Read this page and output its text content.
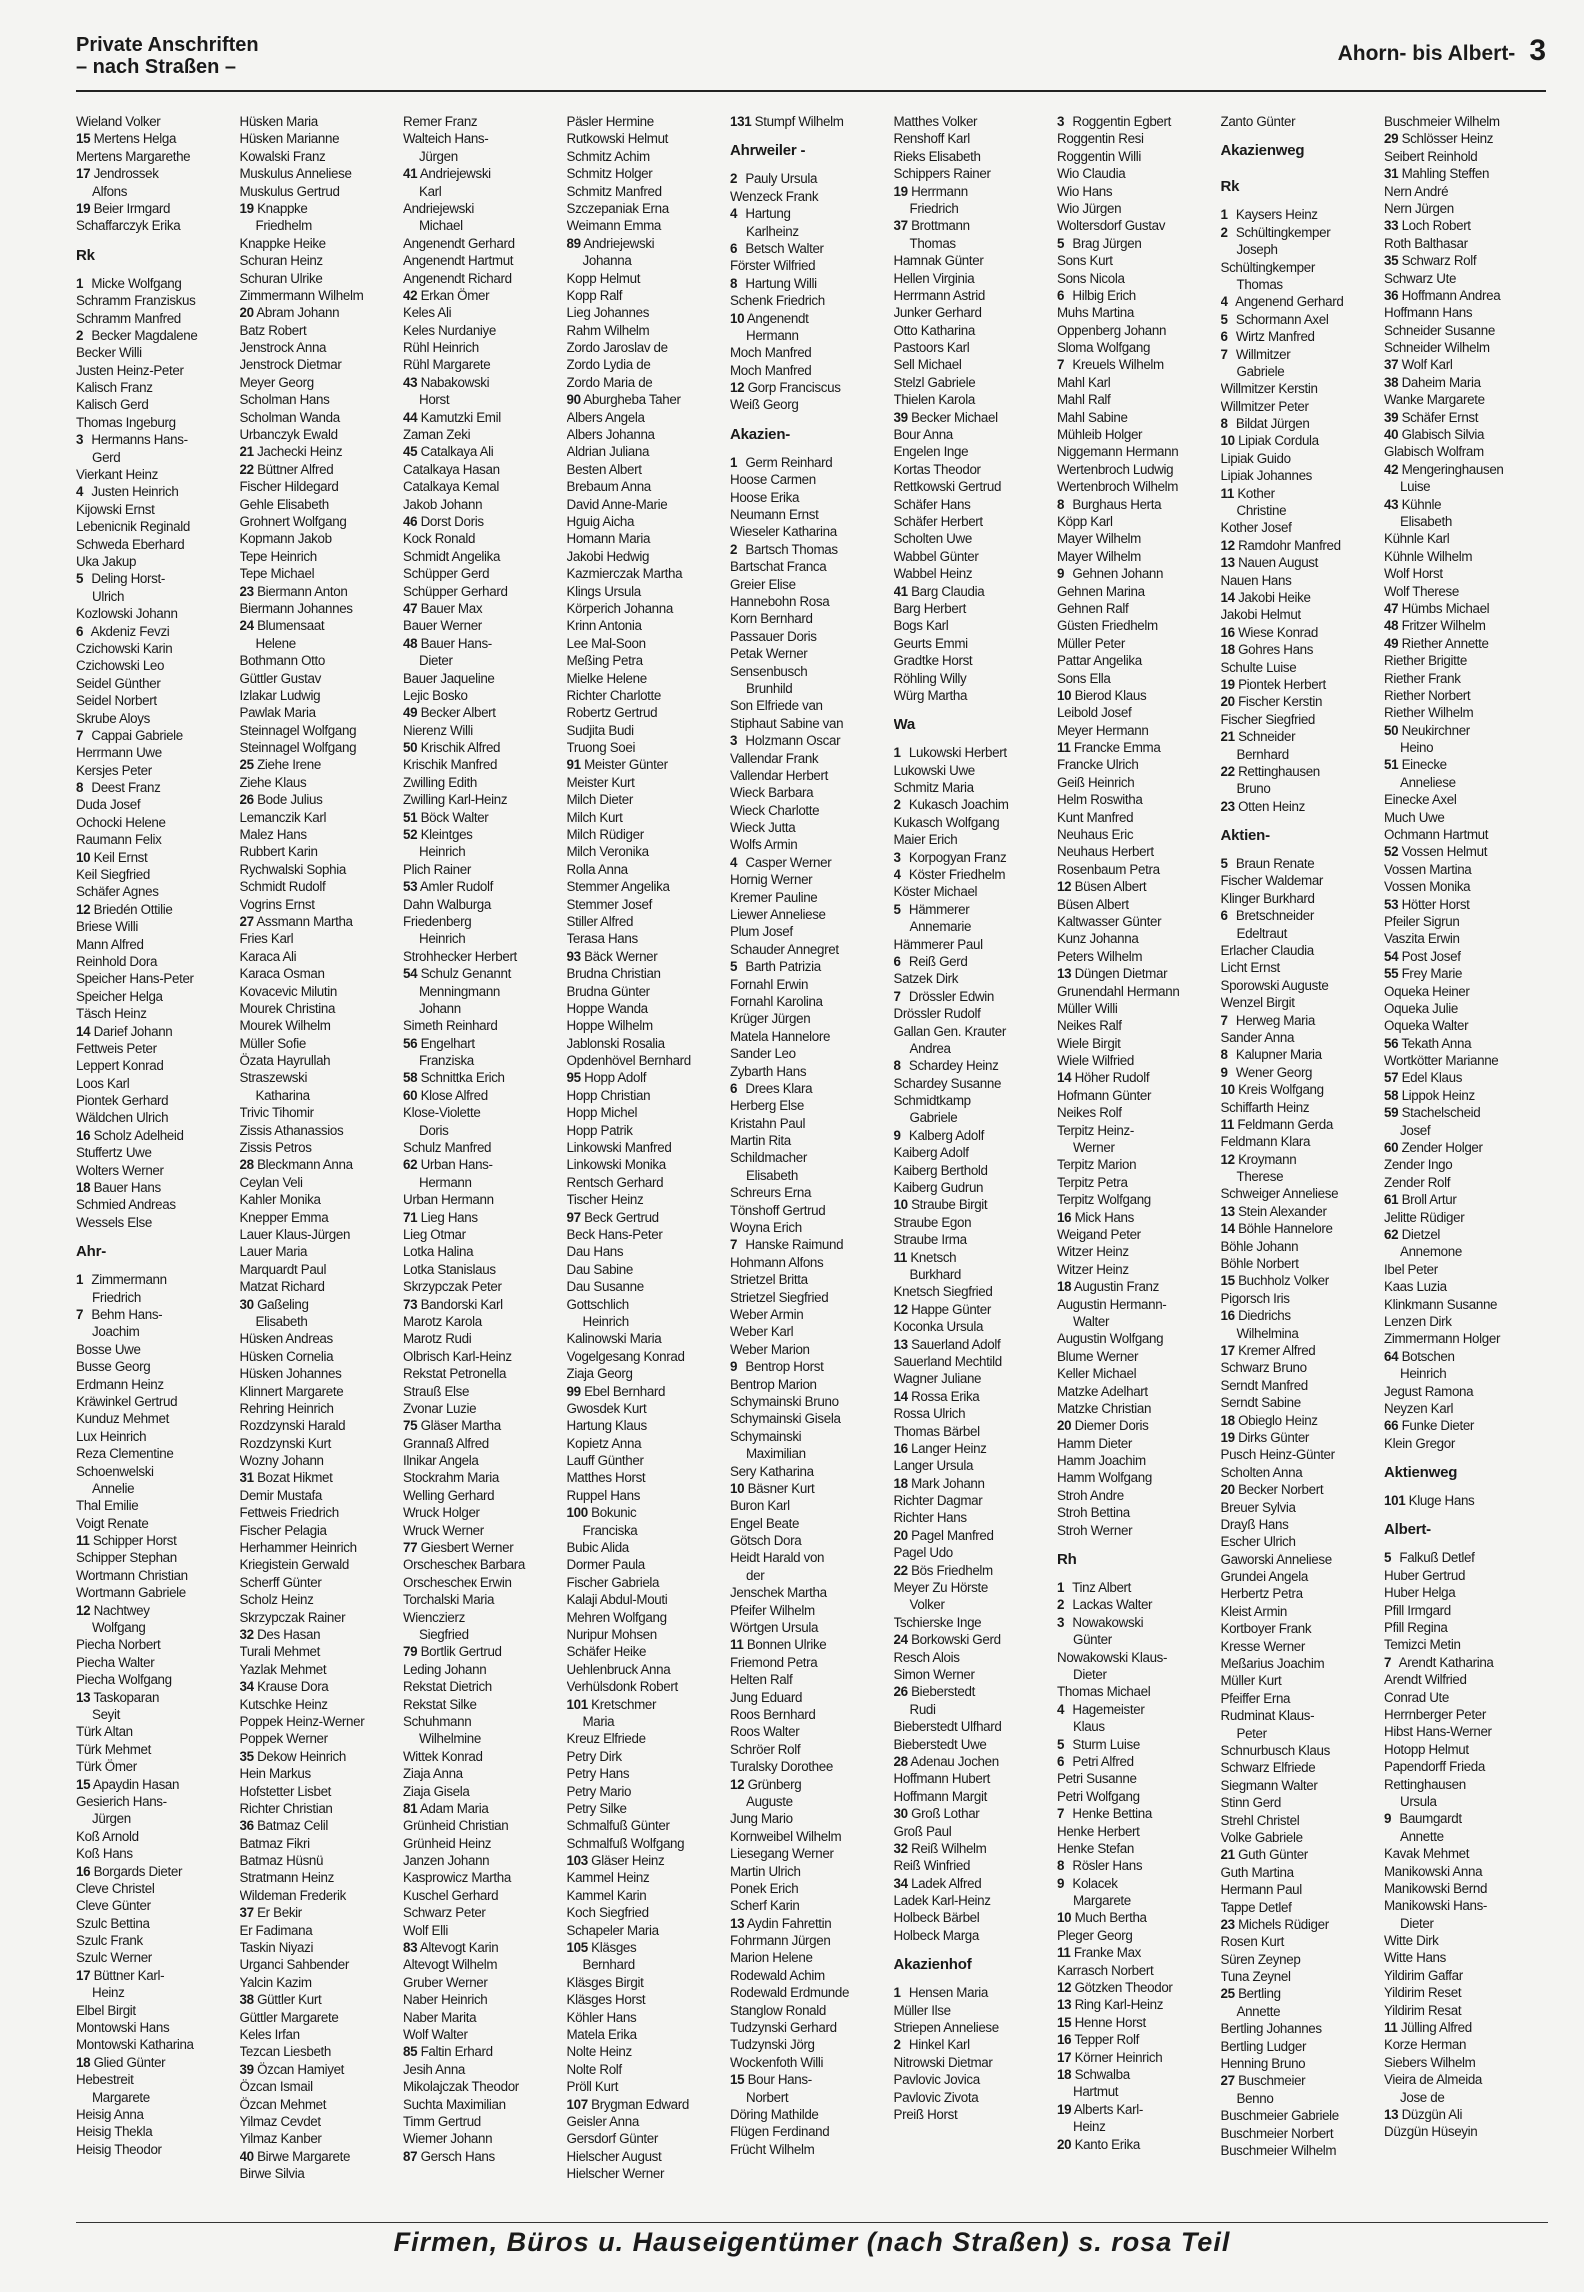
Private Anschriften
– nach Straßen –
Ahorn- bis Albert- 3
Wieland Volker
15 Mertens Helga
Mertens Margarethe
17 Jendrossek
Alfons
19 Beier Irmgard
Schaffarczyk Erika
Rk
1 Micke Wolfgang
Schramm Franziskus
Schramm Manfred
2 Becker Magdalene
Becker Willi
Justen Heinz-Peter
Kalisch Franz
Kalisch Gerd
Thomas Ingeburg
3 Hermanns Hans-
Gerd
Vierkant Heinz
4 Justen Heinrich
Kijowski Ernst
Lebenicnik Reginald
Schweda Eberhard
Uka Jakup
5 Deling Horst-
Ulrich
Kozlowski Johann
6 Akdeniz Fevzi
Czichowski Karin
Czichowski Leo
Seidel Günther
Seidel Norbert
Skrube Aloys
7 Cappai Gabriele
Herrmann Uwe
Kersjes Peter
8 Deest Franz
Duda Josef
Ochocki Helene
Raumann Felix
10 Keil Ernst
Keil Siegfried
Schäfer Agnes
12 Briedén Ottilie
Briese Willi
Mann Alfred
Reinhold Dora
Speicher Hans-Peter
Speicher Helga
Täsch Heinz
14 Darief Johann
Fettweis Peter
Leppert Konrad
Loos Karl
Piontek Gerhard
Wäldchen Ulrich
16 Scholz Adelheid
Stuffertz Uwe
Wolters Werner
18 Bauer Hans
Schmied Andreas
Wessels Else
Ahr-
1 Zimmermann
Friedrich
7 Behm Hans-
Joachim
Bosse Uwe
Busse Georg
Erdmann Heinz
Kräwinkel Gertrud
Kunduz Mehmet
Lux Heinrich
Reza Clementine
Schoenwelski
Annelie
Thal Emilie
Voigt Renate
11 Schipper Horst
Schipper Stephan
Wortmann Christian
Wortmann Gabriele
12 Nachtwey
Wolfgang
Piecha Norbert
Piecha Walter
Piecha Wolfgang
13 Taskoparan
Seyit
Türk Altan
Türk Mehmet
Türk Ömer
15 Apaydin Hasan
Gesierich Hans-
Jürgen
Koß Arnold
Koß Hans
16 Borgards Dieter
Cleve Christel
Cleve Günter
Szulc Bettina
Szulc Frank
Szulc Werner
17 Büttner Karl-
Heinz
Elbel Birgit
Montowski Hans
Montowski Katharina
18 Glied Günter
Hebestreit
Margarete
Heisig Anna
Heisig Thekla
Heisig Theodor
Hüsken Maria
Hüsken Marianne
Kowalski Franz
Muskulus Anneliese
Muskulus Gertrud
19 Knappke
Friedhelm
Knappke Heike
Schuran Heinz
Schuran Ulrike
Zimmermann Wilhelm
20 Abram Johann
Batz Robert
Jenstrock Anna
Jenstrock Dietmar
Meyer Georg
Scholman Hans
Scholman Wanda
Urbanczyk Ewald
21 Jachecki Heinz
22 Büttner Alfred
Fischer Hildegard
Gehle Elisabeth
Grohnert Wolfgang
Kopmann Jakob
Tepe Heinrich
Tepe Michael
23 Biermann Anton
Biermann Johannes
24 Blumensaat
Helene
Bothmann Otto
Güttler Gustav
Izlakar Ludwig
Pawlak Maria
Steinnagel Wolfgang
Steinnagel Wolfgang
25 Ziehe Irene
Ziehe Klaus
26 Bode Julius
Lemanczik Karl
Malez Hans
Rubbert Karin
Rychwalski Sophia
Schmidt Rudolf
Vogrins Ernst
27 Assmann Martha
Fries Karl
Karaca Ali
Karaca Osman
Kovacevic Milutin
Mourek Christina
Mourek Wilhelm
Müller Sofie
Özata Hayrullah
Straszewski
Katharina
Trivic Tihomir
Zissis Athanassios
Zissis Petros
28 Bleckmann Anna
Ceylan Veli
Kahler Monika
Knepper Emma
Lauer Klaus-Jürgen
Lauer Maria
Marquardt Paul
Matzat Richard
30 Gaßeling
Elisabeth
Hüsken Andreas
Hüsken Cornelia
Hüsken Johannes
Klinnert Margarete
Rehring Heinrich
Rozdzynski Harald
Rozdzynski Kurt
Wozny Johann
31 Bozat Hikmet
Demir Mustafa
Fettweis Friedrich
Fischer Pelagia
Herhammer Heinrich
Kriegistein Gerwald
Scherff Günter
Scholz Heinz
Skrzypczak Rainer
32 Des Hasan
Turali Mehmet
Yazlak Mehmet
34 Krause Dora
Kutschke Heinz
Poppek Heinz-Werner
Poppek Werner
35 Dekow Heinrich
Hein Markus
Hofstetter Lisbet
Richter Christian
36 Batmaz Celil
Batmaz Fikri
Batmaz Hüsnü
Stratmann Heinz
Wildeman Frederik
37 Er Bekir
Er Fadimana
Taskin Niyazi
Urganci Sahbender
Yalcin Kazim
38 Güttler Kurt
Güttler Margarete
Keles Irfan
Tezcan Liesbeth
39 Özcan Hamiyet
Özcan Ismail
Özcan Mehmet
Yilmaz Cevdet
Yilmaz Kanber
40 Birwe Margarete
Birwe Silvia
Remer Franz
Walteich Hans-
Jürgen
41 Andriejewski
Karl
Andriejewski
Michael
Angenendt Gerhard
Angenendt Hartmut
Angenendt Richard
42 Erkan Ömer
Keles Ali
Keles Nurdaniye
Rühl Heinrich
Rühl Margarete
43 Nabakowski
Horst
44 Kamutzki Emil
Zaman Zeki
45 Catalkaya Ali
Catalkaya Hasan
Catalkaya Kemal
Jakob Johann
46 Dorst Doris
Kock Ronald
Schmidt Angelika
Schüpper Gerd
Schüpper Gerhard
47 Bauer Max
Bauer Werner
48 Bauer Hans-
Dieter
Bauer Jaqueline
Lejic Bosko
49 Becker Albert
Nierenz Willi
50 Krischik Alfred
Krischik Manfred
Zwilling Edith
Zwilling Karl-Heinz
51 Böck Walter
52 Kleintges
Heinrich
Plich Rainer
53 Amler Rudolf
Dahn Walburga
Friedenberg
Heinrich
Strohhecker Herbert
54 Schulz Genannt
Menningmann
Johann
Simeth Reinhard
56 Engelhart
Franziska
58 Schnittka Erich
60 Klose Alfred
Klose-Violette
Doris
Schulz Manfred
62 Urban Hans-
Hermann
Urban Hermann
71 Lieg Hans
Lieg Otmar
Lotka Halina
Lotka Stanislaus
Skrzypczak Peter
73 Bandorski Karl
Marotz Karola
Marotz Rudi
Olbrisch Karl-Heinz
Rekstat Petronella
Strauß Else
Zvonar Luzie
75 Gläser Martha
Grannaß Alfred
Ilnikar Angela
Stockrahm Maria
Welling Gerhard
Wruck Holger
Wruck Werner
77 Giesbert Werner
Orschescheк Barbara
Orschescheк Erwin
Torchalski Maria
Wienczierz
Siegfried
79 Bortlik Gertrud
Leding Johann
Rekstat Dietrich
Rekstat Silke
Schuhmann
Wilhelmine
Wittek Konrad
Ziaja Anna
Ziaja Gisela
81 Adam Maria
Grünheid Christian
Grünheid Heinz
Janzen Johann
Kasprowicz Martha
Kuschel Gerhard
Schwarz Peter
Wolf Elli
83 Altevogt Karin
Altevogt Wilhelm
Gruber Werner
Naber Heinrich
Naber Marita
Wolf Walter
85 Faltin Erhard
Jesih Anna
Mikolajczak Theodor
Suchta Maximilian
Timm Gertrud
Wiemer Johann
87 Gersch Hans
Päsler Hermine
Rutkowski Helmut
Schmitz Achim
Schmitz Holger
Schmitz Manfred
Szczepaniak Erna
Weimann Emma
89 Andriejewski
Johanna
Kopp Helmut
Kopp Ralf
Lieg Johannes
Rahm Wilhelm
Zordo Jaroslav de
Zordo Lydia de
Zordo Maria de
90 Aburgheba Taher
Albers Angela
Albers Johanna
Aldrian Juliana
Besten Albert
Brebaum Anna
David Anne-Marie
Hguig Aicha
Homann Maria
Jakobi Hedwig
Kazmierczak Martha
Klings Ursula
Körperich Johanna
Krinn Antonia
Lee Mal-Soon
Meßing Petra
Mielke Helene
Richter Charlotte
Robertz Gertrud
Sudjita Budi
Truong Soei
91 Meister Günter
Meister Kurt
Milch Dieter
Milch Kurt
Milch Rüdiger
Milch Veronika
Rolla Anna
Stemmer Angelika
Stemmer Josef
Stiller Alfred
Terasa Hans
93 Bäck Werner
Brudna Christian
Brudna Günter
Hoppe Wanda
Hoppe Wilhelm
Jablonski Rosalia
Opdenhövel Bernhard
95 Hopp Adolf
Hopp Christian
Hopp Michel
Hopp Patrik
Linkowski Manfred
Linkowski Monika
Rentsch Gerhard
Tischer Heinz
97 Beck Gertrud
Beck Hans-Peter
Dau Hans
Dau Sabine
Dau Susanne
Gottschlich
Heinrich
Kalinowski Maria
Vogelgesang Konrad
Ziaja Georg
99 Ebel Bernhard
Gwosdek Kurt
Hartung Klaus
Kopietz Anna
Lauff Günther
Matthes Horst
Ruppel Hans
100 Bokunic
Franciska
Bubic Alida
Dormer Paula
Fischer Gabriela
Kalaji Abdul-Mouti
Mehren Wolfgang
Nuripur Mohsen
Schäfer Heike
Uehlenbruck Anna
Verhülsdonk Robert
101 Kretschmer
Maria
Kreuz Elfriede
Petry Dirk
Petry Hans
Petry Mario
Petry Silke
Schmalfuß Günter
Schmalfuß Wolfgang
103 Gläser Heinz
Kammel Heinz
Kammel Karin
Koch Siegfried
Schapeler Maria
105 Kläsges
Bernhard
Kläsges Birgit
Kläsges Horst
Köhler Hans
Matela Erika
Nolte Heinz
Nolte Rolf
Pröll Kurt
107 Brygman Edward
Geisler Anna
Gersdorf Günter
Hielscher August
Hielscher Werner
131 Stumpf Wilhelm
Ahrweiler -
2 Pauly Ursula
Wenzeck Frank
4 Hartung
Karlheinz
6 Betsch Walter
Förster Wilfried
8 Hartung Willi
Schenk Friedrich
10 Angenendt
Hermann
Moch Manfred
Moch Manfred
12 Gorp Franciscus
Weiß Georg
Akazien-
1 Germ Reinhard
Hoose Carmen
Hoose Erika
Neumann Ernst
Wieseler Katharina
2 Bartsch Thomas
Bartschat Franca
Greier Elise
Hannebohn Rosa
Korn Bernhard
Passauer Doris
Petak Werner
Sensenbusch
Brunhild
Son Elfriede van
Stiphaut Sabine van
3 Holzmann Oscar
Vallendar Frank
Vallendar Herbert
Wieck Barbara
Wieck Charlotte
Wieck Jutta
Wolfs Armin
4 Casper Werner
Hornig Werner
Kremer Pauline
Liewer Anneliese
Plum Josef
Schauder Annegret
5 Barth Patrizia
Fornahl Erwin
Fornahl Karolina
Krüger Jürgen
Matela Hannelore
Sander Leo
Zybarth Hans
6 Drees Klara
Herberg Else
Kristahn Paul
Martin Rita
Schildmacher
Elisabeth
Schreurs Erna
Tönshoff Gertrud
Woyna Erich
7 Hanske Raimund
Hohmann Alfons
Strietzel Britta
Strietzel Siegfried
Weber Armin
Weber Karl
Weber Marion
9 Bentrop Horst
Bentrop Marion
Schymainski Bruno
Schymainski Gisela
Schymainski
Maximilian
Sery Katharina
10 Bäsner Kurt
Buron Karl
Engel Beate
Götsch Dora
Heidt Harald von
der
Jenschek Martha
Pfeifer Wilhelm
Wörtgen Ursula
11 Bonnen Ulrike
Friemond Petra
Helten Ralf
Jung Eduard
Roos Bernhard
Roos Walter
Schröer Rolf
Turalsky Dorothee
12 Grünberg
Auguste
Jung Mario
Kornweibel Wilhelm
Liesegang Werner
Martin Ulrich
Ponek Erich
Scherf Karin
13 Aydin Fahrettin
Fohrmann Jürgen
Marion Helene
Rodewald Achim
Rodewald Erdmunde
Stanglow Ronald
Tudzynski Gerhard
Tudzynski Jörg
Wockenfoth Willi
15 Bour Hans-
Norbert
Döring Mathilde
Flügen Ferdinand
Frücht Wilhelm
Matthes Volker
Renshoff Karl
Rieks Elisabeth
Schippers Rainer
19 Herrmann
Friedrich
37 Brottmann
Thomas
Hamnak Günter
Hellen Virginia
Herrmann Astrid
Junker Gerhard
Otto Katharina
Pastoors Karl
Sell Michael
Stelzl Gabriele
Thielen Karola
39 Becker Michael
Bour Anna
Engelen Inge
Kortas Theodor
Rettkowski Gertrud
Schäfer Hans
Schäfer Herbert
Scholten Uwe
Wabbel Günter
Wabbel Heinz
41 Barg Claudia
Barg Herbert
Bogs Karl
Geurts Emmi
Gradtke Horst
Röhling Willy
Würg Martha
Wa
1 Lukowski Herbert
Lukowski Uwe
Schmitz Maria
2 Kukasch Joachim
Kukasch Wolfgang
Maier Erich
3 Korpogyan Franz
4 Köster Friedhelm
Köster Michael
5 Hämmerer
Annemarie
Hämmerer Paul
6 Reiß Gerd
Satzek Dirk
7 Drössler Edwin
Drössler Rudolf
Gallan Gen. Krauter
Andrea
8 Schardey Heinz
Schardey Susanne
Schmidtkamp
Gabriele
9 Kalberg Adolf
Kaiberg Adolf
Kaiberg Berthold
Kaiberg Gudrun
10 Straube Birgit
Straube Egon
Straube Irma
11 Knetsch
Burkhard
Knetsch Siegfried
12 Happe Günter
Koconka Ursula
13 Sauerland Adolf
Sauerland Mechtild
Wagner Juliane
14 Rossa Erika
Rossa Ulrich
Thomas Bärbel
16 Langer Heinz
Langer Ursula
18 Mark Johann
Richter Dagmar
Richter Hans
20 Pagel Manfred
Pagel Udo
22 Bös Friedhelm
Meyer Zu Hörste
Volker
Tschierske Inge
24 Borkowski Gerd
Resch Alois
Simon Werner
26 Bieberstedt
Rudi
Bieberstedt Ulfhard
Bieberstedt Uwe
28 Adenau Jochen
Hoffmann Hubert
Hoffmann Margit
30 Groß Lothar
Groß Paul
32 Reiß Wilhelm
Reiß Winfried
34 Ladek Alfred
Ladek Karl-Heinz
Holbeck Bärbel
Holbeck Marga
Akazienhof
1 Hensen Maria
Müller Ilse
Striepen Anneliese
2 Hinkel Karl
Nitrowski Dietmar
Pavlovic Jovica
Pavlovic Zivota
Preiß Horst
3 Roggentin Egbert
Roggentin Resi
Roggentin Willi
Wio Claudia
Wio Hans
Wio Jürgen
Woltersdorf Gustav
5 Brag Jürgen
Sons Kurt
Sons Nicola
6 Hilbig Erich
Muhs Martina
Oppenberg Johann
Sloma Wolfgang
7 Kreuels Wilhelm
Mahl Karl
Mahl Ralf
Mahl Sabine
Mühleib Holger
Niggemann Hermann
Wertenbroch Ludwig
Wertenbroch Wilhelm
8 Burghaus Herta
Köpp Karl
Mayer Wilhelm
Mayer Wilhelm
9 Gehnen Johann
Gehnen Marina
Gehnen Ralf
Güsten Friedhelm
Müller Peter
Pattar Angelika
Sons Ella
10 Bierod Klaus
Leibold Josef
Meyer Hermann
11 Francke Emma
Francke Ulrich
Geiß Heinrich
Helm Roswitha
Kunt Manfred
Neuhaus Eric
Neuhaus Herbert
Rosenbaum Petra
12 Büsen Albert
Büsen Albert
Kaltwasser Günter
Kunz Johanna
Peters Wilhelm
13 Düngen Dietmar
Grunendahl Hermann
Müller Willi
Neikes Ralf
Wiele Birgit
Wiele Wilfried
14 Höher Rudolf
Hofmann Günter
Neikes Rolf
Terpitz Heinz-
Werner
Terpitz Marion
Terpitz Petra
Terpitz Wolfgang
16 Mick Hans
Weigand Peter
Witzer Heinz
Witzer Heinz
18 Augustin Franz
Augustin Hermann-
Walter
Augustin Wolfgang
Blume Werner
Keller Michael
Matzke Adelhart
Matzke Christian
20 Diemer Doris
Hamm Dieter
Hamm Joachim
Hamm Wolfgang
Stroh Andre
Stroh Bettina
Stroh Werner
Rh
1 Tinz Albert
2 Lackas Walter
3 Nowakowski
Günter
Nowakowski Klaus-
Dieter
Thomas Michael
4 Hagemeister
Klaus
5 Sturm Luise
6 Petri Alfred
Petri Susanne
Petri Wolfgang
7 Henke Bettina
Henke Herbert
Henke Stefan
8 Rösler Hans
9 Kolacek
Margarete
10 Much Bertha
Pleger Georg
11 Franke Max
Karrasch Norbert
12 Götzken Theodor
13 Ring Karl-Heinz
15 Henne Horst
16 Tepper Rolf
17 Körner Heinrich
18 Schwalba
Hartmut
19 Alberts Karl-
Heinz
20 Kanto Erika
Zanto Günter
Akazienweg
Rk
1 Kaysers Heinz
2 Schültingkemper
Joseph
Schültingkemper
Thomas
4 Angenend Gerhard
5 Schormann Axel
6 Wirtz Manfred
7 Willmitzer
Gabriele
Willmitzer Kerstin
Willmitzer Peter
8 Bildat Jürgen
10 Lipiak Cordula
Lipiak Guido
Lipiak Johannes
11 Kother
Christine
Kother Josef
12 Ramdohr Manfred
13 Nauen August
Nauen Hans
14 Jakobi Heike
Jakobi Helmut
16 Wiese Konrad
18 Gohres Hans
Schulte Luise
19 Piontek Herbert
20 Fischer Kerstin
Fischer Siegfried
21 Schneider
Bernhard
22 Rettinghausen
Bruno
23 Otten Heinz
Aktien-
5 Braun Renate
Fischer Waldemar
Klinger Burkhard
6 Bretschneider
Edeltraut
Erlacher Claudia
Licht Ernst
Sporowski Auguste
Wenzel Birgit
7 Herweg Maria
Sander Anna
8 Kalupner Maria
9 Wener Georg
10 Kreis Wolfgang
Schiffarth Heinz
11 Feldmann Gerda
Feldmann Klara
12 Kroymann
Therese
Schweiger Anneliese
13 Stein Alexander
14 Böhle Hannelore
Böhle Johann
Böhle Norbert
15 Buchholz Volker
Pigorsch Iris
16 Diedrichs
Wilhelmina
17 Kremer Alfred
Schwarz Bruno
Serndt Manfred
Serndt Sabine
18 Obieglo Heinz
19 Dirks Günter
Pusch Heinz-Günter
Scholten Anna
20 Becker Norbert
Breuer Sylvia
Drayß Hans
Escher Ulrich
Gaworski Anneliese
Grundei Angela
Herbertz Petra
Kleist Armin
Kortboyer Frank
Kresse Werner
Meßarius Joachim
Müller Kurt
Pfeiffer Erna
Rudminat Klaus-
Peter
Schnurbusch Klaus
Schwarz Elfriede
Siegmann Walter
Stinn Gerd
Strehl Christel
Volke Gabriele
21 Guth Günter
Guth Martina
Hermann Paul
Tappe Detlef
23 Michels Rüdiger
Rosen Kurt
Süren Zeynep
Tuna Zeynel
25 Bertling
Annette
Bertling Johannes
Bertling Ludger
Henning Bruno
27 Buschmeier
Benno
Buschmeier Gabriele
Buschmeier Norbert
Buschmeier Wilhelm
Buschmeier Wilhelm
29 Schlösser Heinz
Seibert Reinhold
31 Mahling Steffen
Nern André
Nern Jürgen
33 Loch Robert
Roth Balthasar
35 Schwarz Rolf
Schwarz Ute
36 Hoffmann Andrea
Hoffmann Hans
Schneider Susanne
Schneider Wilhelm
37 Wolf Karl
38 Daheim Maria
Wanke Margarete
39 Schäfer Ernst
40 Glabisch Silvia
Glabisch Wolfram
42 Mengeringhausen
Luise
43 Kühnle
Elisabeth
Kühnle Karl
Kühnle Wilhelm
Wolf Horst
Wolf Therese
47 Hümbs Michael
48 Fritzer Wilhelm
49 Riether Annette
Riether Brigitte
Riether Frank
Riether Norbert
Riether Wilhelm
50 Neukirchner
Heino
51 Einecke
Anneliese
Einecke Axel
Much Uwe
Ochmann Hartmut
52 Vossen Helmut
Vossen Martina
Vossen Monika
53 Hötter Horst
Pfeiler Sigrun
Vaszita Erwin
54 Post Josef
55 Frey Marie
Oqueka Heiner
Oqueka Julie
Oqueka Walter
56 Tekath Anna
Wortkötter Marianne
57 Edel Klaus
58 Lippok Heinz
59 Stachelscheid
Josef
60 Zender Holger
Zender Ingo
Zender Rolf
61 Broll Artur
Jelitte Rüdiger
62 Dietzel
Annemone
Ibel Peter
Kaas Luzia
Klinkmann Susanne
Lenzen Dirk
Zimmermann Holger
64 Botschen
Heinrich
Jegust Ramona
Neyzen Karl
66 Funke Dieter
Klein Gregor
Aktienweg
101 Kluge Hans
Albert-
5 Falkuß Detlef
Huber Gertrud
Huber Helga
Pfill Irmgard
Pfill Regina
Temizci Metin
7 Arendt Katharina
Arendt Wilfried
Conrad Ute
Herrnberger Peter
Hibst Hans-Werner
Hotopp Helmut
Papendorff Frieda
Rettinghausen
Ursula
9 Baumgardt
Annette
Kavak Mehmet
Manikowski Anna
Manikowski Bernd
Manikowski Hans-
Dieter
Witte Dirk
Witte Hans
Yildirim Gaffar
Yildirim Reset
Yildirim Resat
11 Jülling Alfred
Korze Herman
Siebers Wilhelm
Vieira de Almeida
Jose de
13 Düzgün Ali
Düzgün Hüseyin
Firmen, Büros u. Hauseigentümer (nach Straßen) s. rosa Teil
